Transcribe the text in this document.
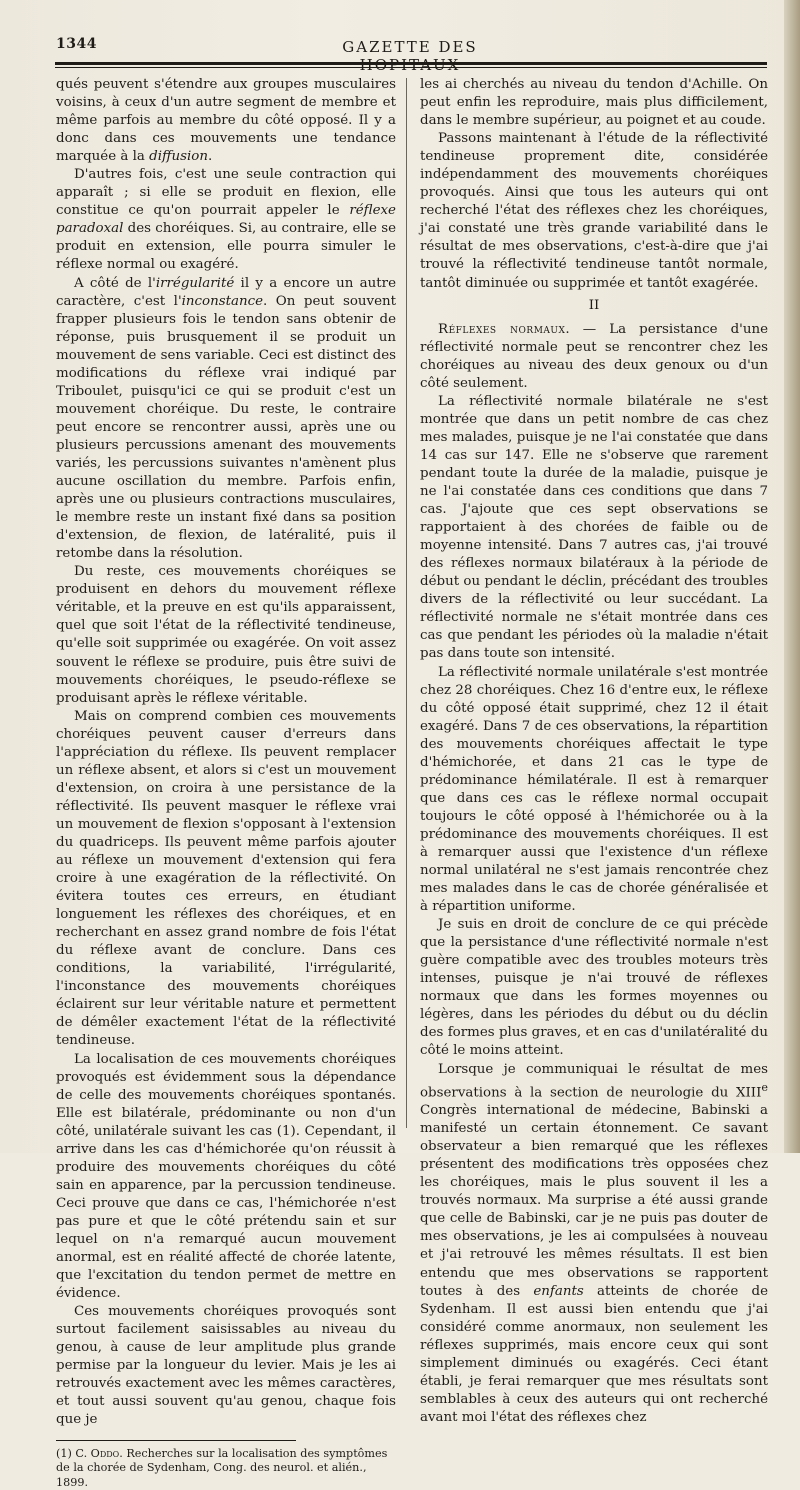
1344	GAZETTE DES HOPITAUX

qués peuvent s'étendre aux groupes musculaires voisins, à ceux d'un autre segment de membre et même parfois au membre du côté opposé. Il y a donc dans ces mouvements une tendance marquée à la diffusion.

D'autres fois, c'est une seule contraction qui apparaît ; si elle se produit en flexion, elle constitue ce qu'on pourrait appeler le réflexe paradoxal des choréiques. Si, au contraire, elle se produit en extension, elle pourra simuler le réflexe normal ou exagéré.

A côté de l'irrégularité il y a encore un autre caractère, c'est l'inconstance. On peut souvent frapper plusieurs fois le tendon sans obtenir de réponse, puis brusquement il se produit un mouvement de sens variable. Ceci est distinct des modifications du réflexe vrai indiqué par Triboulet, puisqu'ici ce qui se produit c'est un mouvement choréique. Du reste, le contraire peut encore se rencontrer aussi, après une ou plusieurs percussions amenant des mouvements variés, les percussions suivantes n'amènent plus aucune oscillation du membre. Parfois enfin, après une ou plusieurs contractions musculaires, le membre reste un instant fixé dans sa position d'extension, de flexion, de latéralité, puis il retombe dans la résolution.

Du reste, ces mouvements choréiques se produisent en dehors du mouvement réflexe véritable, et la preuve en est qu'ils apparaissent, quel que soit l'état de la réflectivité tendineuse, qu'elle soit supprimée ou exagérée. On voit assez souvent le réflexe se produire, puis être suivi de mouvements choréiques, le pseudo-réflexe se produisant après le réflexe véritable.

Mais on comprend combien ces mouvements choréiques peuvent causer d'erreurs dans l'appréciation du réflexe. Ils peuvent remplacer un réflexe absent, et alors si c'est un mouvement d'extension, on croira à une persistance de la réflectivité. Ils peuvent masquer le réflexe vrai un mouvement de flexion s'opposant à l'extension du quadriceps. Ils peuvent même parfois ajouter au réflexe un mouvement d'extension qui fera croire à une exagération de la réflectivité. On évitera toutes ces erreurs, en étudiant longuement les réflexes des choréiques, et en recherchant en assez grand nombre de fois l'état du réflexe avant de conclure. Dans ces conditions, la variabilité, l'irrégularité, l'inconstance des mouvements choréiques éclairent sur leur véritable nature et permettent de démêler exactement l'état de la réflectivité tendineuse.

La localisation de ces mouvements choréiques provoqués est évidemment sous la dépendance de celle des mouvements choréiques spontanés. Elle est bilatérale, prédominante ou non d'un côté, unilatérale suivant les cas (1). Cependant, il arrive dans les cas d'hémichorée qu'on réussit à produire des mouvements choréiques du côté sain en apparence, par la percussion tendineuse. Ceci prouve que dans ce cas, l'hémichorée n'est pas pure et que le côté prétendu sain et sur lequel on n'a remarqué aucun mouvement anormal, est en réalité affecté de chorée latente, que l'excitation du tendon permet de mettre en évidence.

Ces mouvements choréiques provoqués sont surtout facilement saisissables au niveau du genou, à cause de leur amplitude plus grande permise par la longueur du levier. Mais je les ai retrouvés exactement avec les mêmes caractères, et tout aussi souvent qu'au genou, chaque fois que je

(1) C. Oddo. Recherches sur la localisation des symptômes de la chorée de Sydenham, Cong. des neurol. et alién., 1899.

les ai cherchés au niveau du tendon d'Achille. On peut enfin les reproduire, mais plus difficilement, dans le membre supérieur, au poignet et au coude.

Passons maintenant à l'étude de la réflectivité tendineuse proprement dite, considérée indépendamment des mouvements choréiques provoqués. Ainsi que tous les auteurs qui ont recherché l'état des réflexes chez les choréiques, j'ai constaté une très grande variabilité dans le résultat de mes observations, c'est-à-dire que j'ai trouvé la réflectivité tendineuse tantôt normale, tantôt diminuée ou supprimée et tantôt exagérée.

II

Réflexes normaux. — La persistance d'une réflectivité normale peut se rencontrer chez les choréiques au niveau des deux genoux ou d'un côté seulement.

La réflectivité normale bilatérale ne s'est montrée que dans un petit nombre de cas chez mes malades, puisque je ne l'ai constatée que dans 14 cas sur 147. Elle ne s'observe que rarement pendant toute la durée de la maladie, puisque je ne l'ai constatée dans ces conditions que dans 7 cas. J'ajoute que ces sept observations se rapportaient à des chorées de faible ou de moyenne intensité. Dans 7 autres cas, j'ai trouvé des réflexes normaux bilatéraux à la période de début ou pendant le déclin, précédant des troubles divers de la réflectivité ou leur succédant. La réflectivité normale ne s'était montrée dans ces cas que pendant les périodes où la maladie n'était pas dans toute son intensité.

La réflectivité normale unilatérale s'est montrée chez 28 choréiques. Chez 16 d'entre eux, le réflexe du côté opposé était supprimé, chez 12 il était exagéré. Dans 7 de ces observations, la répartition des mouvements choréiques affectait le type d'hémichorée, et dans 21 cas le type de prédominance hémilatérale. Il est à remarquer que dans ces cas le réflexe normal occupait toujours le côté opposé à l'hémichorée ou à la prédominance des mouvements choréiques. Il est à remarquer aussi que l'existence d'un réflexe normal unilatéral ne s'est jamais rencontrée chez mes malades dans le cas de chorée généralisée et à répartition uniforme.

Je suis en droit de conclure de ce qui précède que la persistance d'une réflectivité normale n'est guère compatible avec des troubles moteurs très intenses, puisque je n'ai trouvé de réflexes normaux que dans les formes moyennes ou légères, dans les périodes du début ou du déclin des formes plus graves, et en cas d'unilatéralité du côté le moins atteint.

Lorsque je communiquai le résultat de mes observations à la section de neurologie du XIIIe Congrès international de médecine, Babinski a manifesté un certain étonnement. Ce savant observateur a bien remarqué que les réflexes présentent des modifications très opposées chez les choréiques, mais le plus souvent il les a trouvés normaux. Ma surprise a été aussi grande que celle de Babinski, car je ne puis pas douter de mes observations, je les ai compulsées à nouveau et j'ai retrouvé les mêmes résultats. Il est bien entendu que mes observations se rapportent toutes à des enfants atteints de chorée de Sydenham. Il est aussi bien entendu que j'ai considéré comme anormaux, non seulement les réflexes supprimés, mais encore ceux qui sont simplement diminués ou exagérés. Ceci étant établi, je ferai remarquer que mes résultats sont semblables à ceux des auteurs qui ont recherché avant moi l'état des réflexes chez
